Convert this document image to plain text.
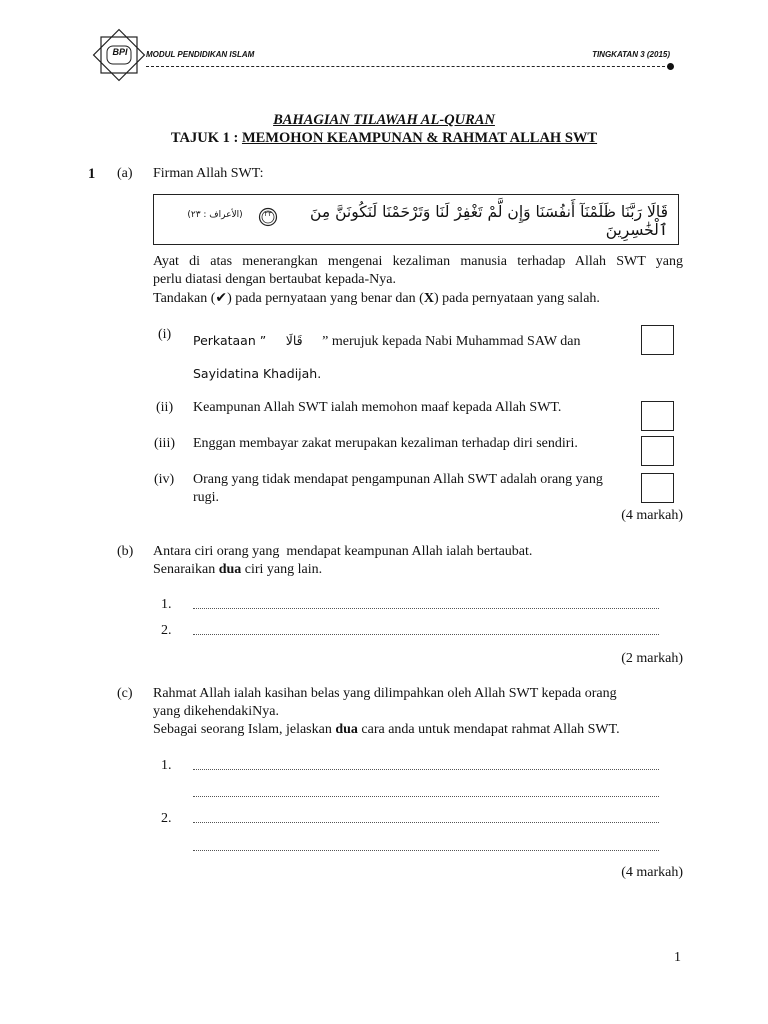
BPI	MODUL PENDIDIKAN ISLAM	TINGKATAN 3 (2015)
BAHAGIAN TILAWAH AL-QURAN
TAJUK 1 : MEMOHON KEAMPUNAN & RAHMAT ALLAH SWT
1 (a) Firman Allah SWT:
قَالَا رَبَّنَا ظَلَمْنَآ أَنفُسَنَا وَإِن لَّمْ تَغْفِرْ لَنَا وَتَرْحَمْنَا لَنَكُونَنَّ مِنَ ٱلْخَٰسِرِينَ
٢٣
(الأعراف : ٢٣)
Ayat di atas menerangkan mengenai kezaliman manusia terhadap Allah SWT yang
perlu diatasi dengan bertaubat kepada-Nya.
Tandakan (✔) pada pernyataan yang benar dan (X) pada pernyataan yang salah.
(i) Perkataan ” قَالَا ” merujuk kepada Nabi Muhammad SAW dan
Sayidatina Khadijah.
(ii) Keampunan Allah SWT ialah memohon maaf kepada Allah SWT.
(iii) Enggan membayar zakat merupakan kezaliman terhadap diri sendiri.
(iv) Orang yang tidak mendapat pengampunan Allah SWT adalah orang yang
rugi.
(4 markah)
(b) Antara ciri orang yang  mendapat keampunan Allah ialah bertaubat.
Senaraikan dua ciri yang lain.
1.
2.
(2 markah)
(c) Rahmat Allah ialah kasihan belas yang dilimpahkan oleh Allah SWT kepada orang
yang dikehendakiNya.
Sebagai seorang Islam, jelaskan dua cara anda untuk mendapat rahmat Allah SWT.
1.
2.
(4 markah)
1
